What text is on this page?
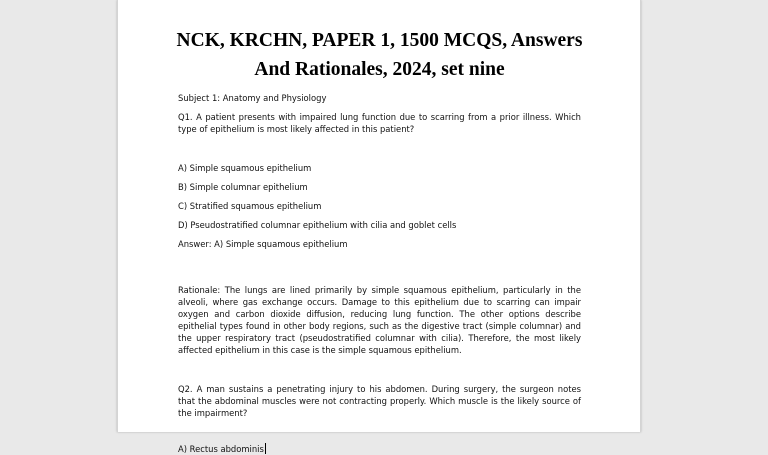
NCK, KRCHN, PAPER 1, 1500 MCQS, Answers
And Rationales, 2024, set nine
Subject 1: Anatomy and Physiology
Q1. A patient presents with impaired lung function due to scarring from a prior illness. Which type of epithelium is most likely affected in this patient?
A) Simple squamous epithelium
B) Simple columnar epithelium
C) Stratified squamous epithelium
D) Pseudostratified columnar epithelium with cilia and goblet cells
Answer: A) Simple squamous epithelium
Rationale: The lungs are lined primarily by simple squamous epithelium, particularly in the alveoli, where gas exchange occurs. Damage to this epithelium due to scarring can impair oxygen and carbon dioxide diffusion, reducing lung function. The other options describe epithelial types found in other body regions, such as the digestive tract (simple columnar) and the upper respiratory tract (pseudostratified columnar with cilia). Therefore, the most likely affected epithelium in this case is the simple squamous epithelium.
Q2. A man sustains a penetrating injury to his abdomen. During surgery, the surgeon notes that the abdominal muscles were not contracting properly. Which muscle is the likely source of the impairment?
A) Rectus abdominis
